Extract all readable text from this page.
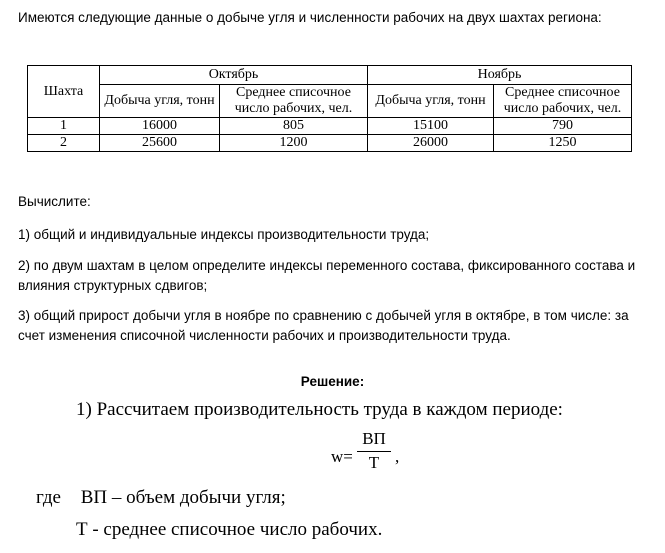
Имеются следующие данные о добыче угля и численности рабочих на двух шахтах региона:
Шахта	Октябрь		Ноябрь	
	Добыча угля, тонн	Среднее списочное число рабочих, чел.	Добыча угля, тонн	Среднее списочное число рабочих, чел.
1	16000	805	15100	790
2	25600	1200	26000	1250
Вычислите:
1) общий и индивидуальные индексы производительности труда;
2) по двум шахтам в целом определите индексы переменного состава, фиксированного состава и влияния структурных сдвигов;
3) общий прирост добычи угля в ноябре по сравнению с добычей угля в октябре, в том числе: за счет изменения списочной численности рабочих и производительности труда.
Решение:
1) Рассчитаем производительность труда в каждом периоде:
w=
ВП
Т ,
где ВП – объем добычи угля;
Т - среднее списочное число рабочих.
